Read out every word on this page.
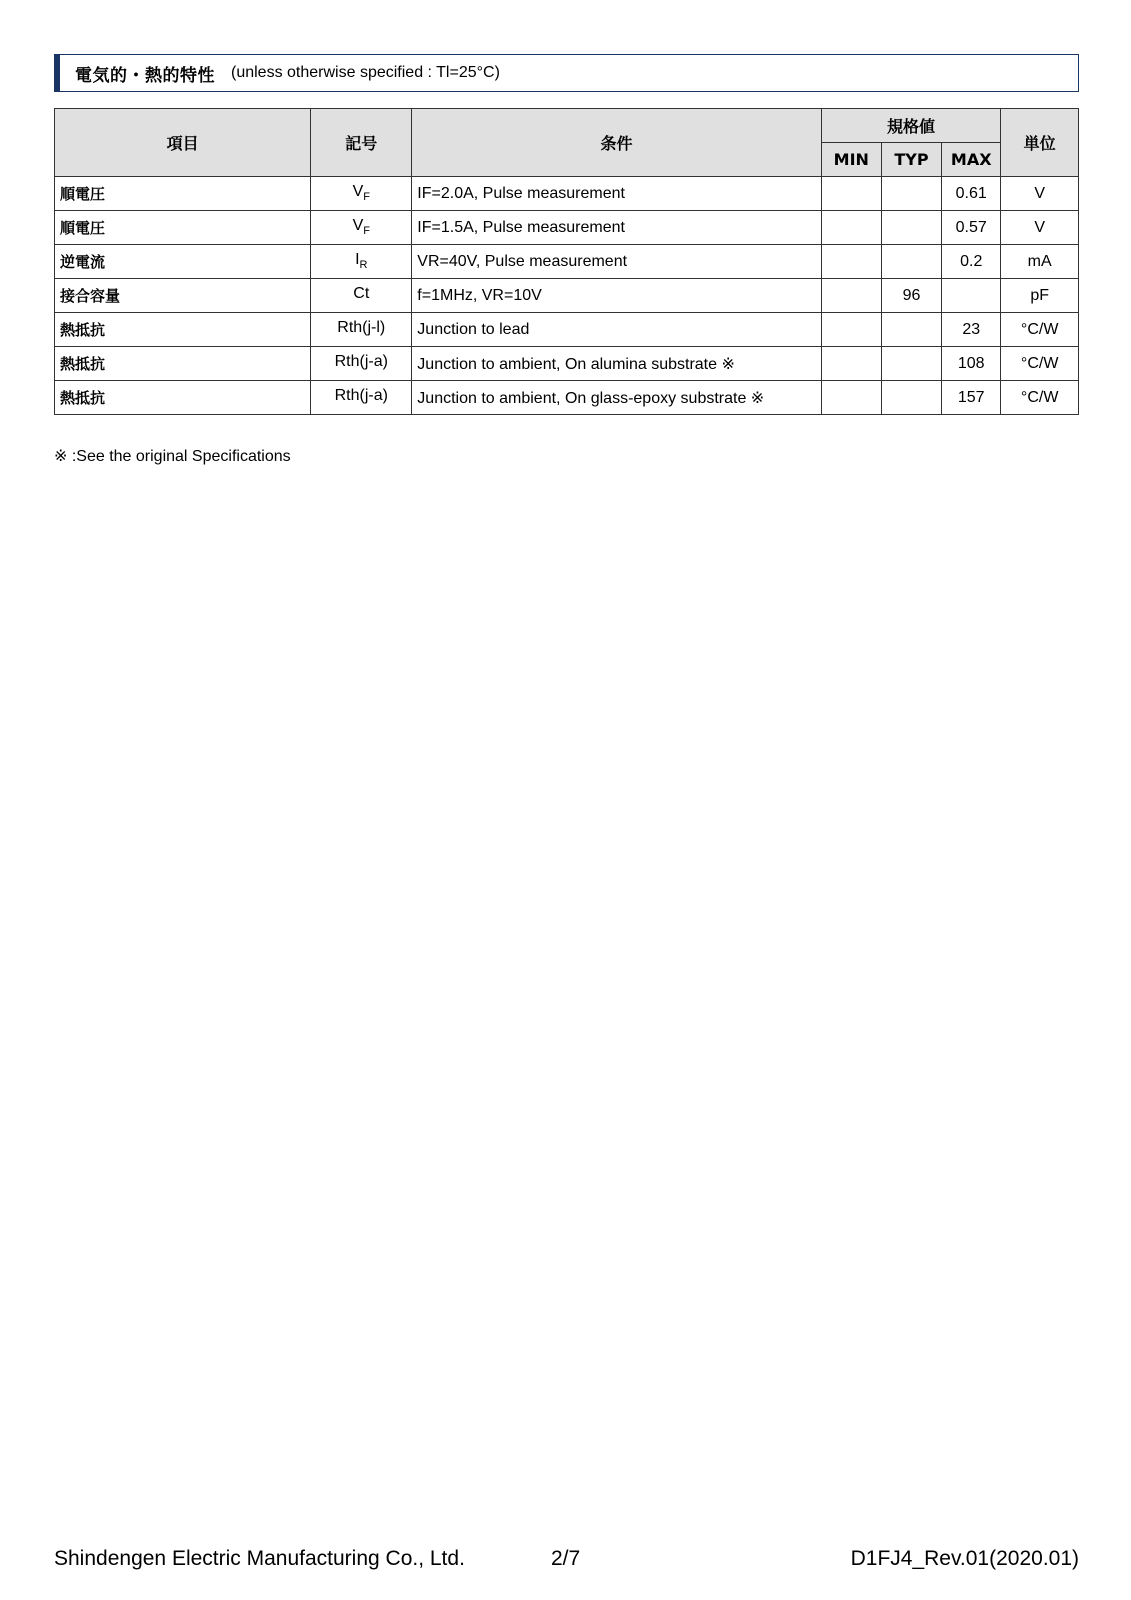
電気的・熱的特性 (unless otherwise specified : Tl=25°C)
項目	記号	条件	規格値			単位
			MIN	TYP	MAX	
順電圧	$V_F$	IF=2.0A, Pulse measurement			0.61	V
順電圧	$V_F$	IF=1.5A, Pulse measurement			0.57	V
逆電流	$I_R$	VR=40V, Pulse measurement			0.2	mA
接合容量	Ct	f=1MHz, VR=10V		96		pF
熱抵抗	Rth(j-l)	Junction to lead			23	°C/W
熱抵抗	Rth(j-a)	Junction to ambient, On alumina substrate ※			108	°C/W
熱抵抗	Rth(j-a)	Junction to ambient, On glass-epoxy substrate ※			157	°C/W
※ :See the original Specifications
Shindengen Electric Manufacturing Co., Ltd.	2/7	D1FJ4_Rev.01(2020.01)
